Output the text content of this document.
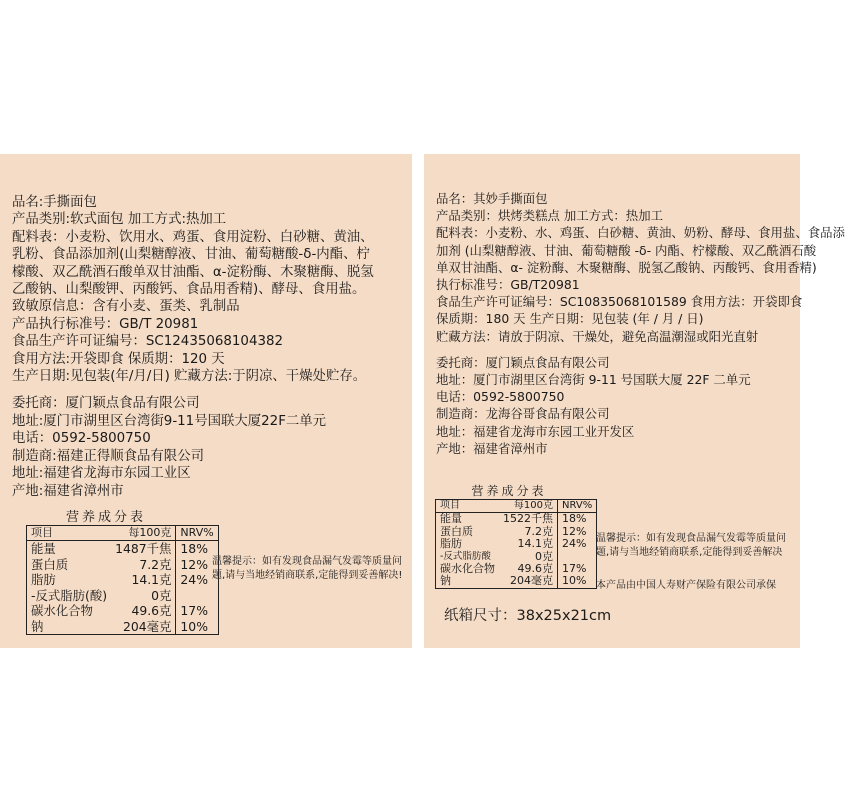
品名:手撕面包
产品类别:软式面包 加工方式:热加工
配料表：小麦粉、饮用水、鸡蛋、食用淀粉、白砂糖、黄油、
乳粉、食品添加剂(山梨糖醇液、甘油、葡萄糖酸-δ-内酯、柠
檬酸、双乙酰酒石酸单双甘油酯、α-淀粉酶、木聚糖酶、脱氢
乙酸钠、山梨酸钾、丙酸钙、食品用香精)、酵母、食用盐。
致敏原信息：含有小麦、蛋类、乳制品
产品执行标准号：GB/T 20981
食品生产许可证编号：SC12435068104382
食用方法:开袋即食 保质期：120 天
生产日期:见包装(年/月/日) 贮藏方法:于阴凉、干燥处贮存。
委托商：厦门颖点食品有限公司
地址:厦门市湖里区台湾街9-11号国联大厦22F二单元
电话：0592-5800750
制造商:福建正得顺食品有限公司
地址:福建省龙海市东园工业区
产地:福建省漳州市
营养成分表
项目	每100克	NRV%
能量	1487千焦	18%
蛋白质	7.2克	12%
脂肪	14.1克	24%
-反式脂肪(酸)	0克	
碳水化合物	49.6克	17%
钠	204毫克	10%
温馨提示：如有发现食品漏气发霉等质量问
题,请与当地经销商联系,定能得到妥善解决!
品名：其妙手撕面包
产品类别：烘烤类糕点 加工方式：热加工
配料表：小麦粉、水、鸡蛋、白砂糖、黄油、奶粉、酵母、食用盐、食品添
加剂 (山梨糖醇液、甘油、葡萄糖酸 -δ- 内酯、柠檬酸、双乙酰酒石酸
单双甘油酯、α- 淀粉酶、木聚糖酶、脱氢乙酸钠、丙酸钙、食用香精)
执行标准号：GB/T20981
食品生产许可证编号：SC10835068101589 食用方法：开袋即食
保质期：180 天 生产日期：见包装 (年 / 月 / 日)
贮藏方法：请放于阴凉、干燥处，避免高温潮湿或阳光直射
委托商：厦门颖点食品有限公司
地址：厦门市湖里区台湾街 9-11 号国联大厦 22F 二单元
电话：0592-5800750
制造商：龙海谷哥食品有限公司
地址：福建省龙海市东园工业开发区
产地：福建省漳州市
营养成分表
项目	每100克	NRV%
能量	1522千焦	18%
蛋白质	7.2克	12%
脂肪	14.1克	24%
-反式脂肪酸	0克	
碳水化合物	49.6克	17%
钠	204毫克	10%
温馨提示：如有发现食品漏气发霉等质量问
题,请与当地经销商联系,定能得到妥善解决
本产品由中国人寿财产保险有限公司承保
纸箱尺寸：38x25x21cm
